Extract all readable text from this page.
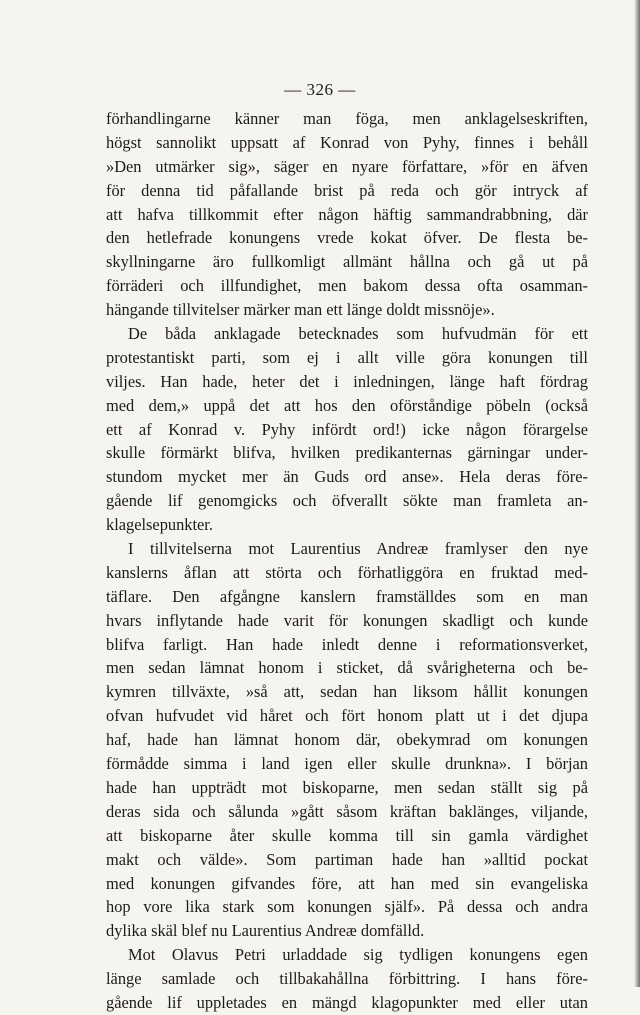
— 326 —
förhandlingarne känner man föga, men anklagelseskriften,
högst sannolikt uppsatt af Konrad von Pyhy, finnes i behåll
»Den utmärker sig», säger en nyare författare, »för en äfven
för denna tid påfallande brist på reda och gör intryck af
att hafva tillkommit efter någon häftig sammandrabbning, där
den hetlefrade konungens vrede kokat öfver. De flesta be-
skyllningarne äro fullkomligt allmänt hållna och gå ut på
förräderi och illfundighet, men bakom dessa ofta osamman-
hängande tillvitelser märker man ett länge doldt missnöje».
De båda anklagade betecknades som hufvudmän för ett
protestantiskt parti, som ej i allt ville göra konungen till
viljes. Han hade, heter det i inledningen, länge haft fördrag
med dem,» uppå det att hos den oförståndige pöbeln (också
ett af Konrad v. Pyhy infördt ord!) icke någon förargelse
skulle förmärkt blifva, hvilken predikanternas gärningar under-
stundom mycket mer än Guds ord anse». Hela deras före-
gående lif genomgicks och öfverallt sökte man framleta an-
klagelsepunkter.
I tillvitelserna mot Laurentius Andreæ framlyser den nye
kanslerns åflan att störta och förhatliggöra en fruktad med-
täflare. Den afgångne kanslern framställdes som en man
hvars inflytande hade varit för konungen skadligt och kunde
blifva farligt. Han hade inledt denne i reformationsverket,
men sedan lämnat honom i sticket, då svårigheterna och be-
kymren tillväxte, »så att, sedan han liksom hållit konungen
ofvan hufvudet vid håret och fört honom platt ut i det djupa
haf, hade han lämnat honom där, obekymrad om konungen
förmådde simma i land igen eller skulle drunkna». I början
hade han uppträdt mot biskoparne, men sedan ställt sig på
deras sida och sålunda »gått såsom kräftan baklänges, viljande,
att biskoparne åter skulle komma till sin gamla värdighet
makt och välde». Som partiman hade han »alltid pockat
med konungen gifvandes före, att han med sin evangeliska
hop vore lika stark som konungen själf». På dessa och andra
dylika skäl blef nu Laurentius Andreæ domfälld.
Mot Olavus Petri urladdade sig tydligen konungens egen
länge samlade och tillbakahållna förbittring. I hans före-
gående lif uppletades en mängd klagopunkter med eller utan
